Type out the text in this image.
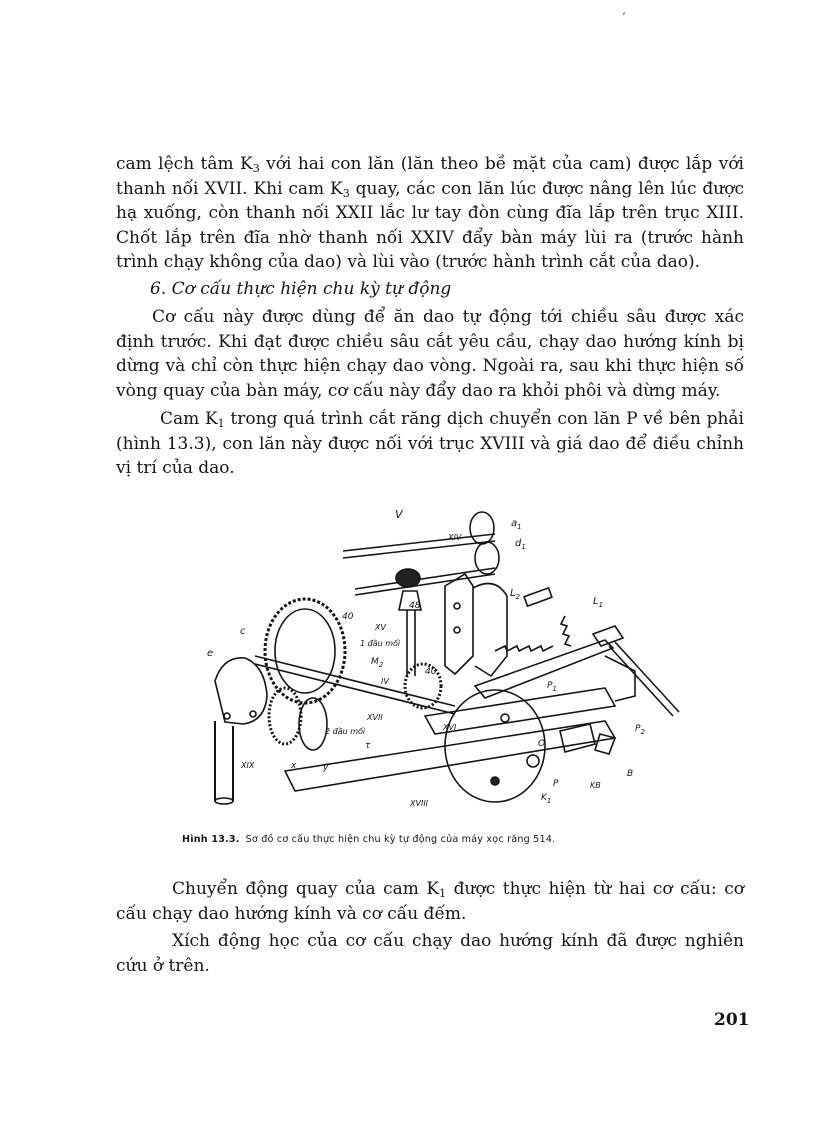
ʼ

cam lệch tâm $K_3$ với hai con lăn (lăn theo bề mặt của cam) được lắp với thanh nối XVII. Khi cam $K_3$ quay, các con lăn lúc được nâng lên lúc được hạ xuống, còn thanh nối XXII lắc lư tay đòn cùng đĩa lắp trên trục XIII. Chốt lắp trên đĩa nhờ thanh nối XXIV đẩy bàn máy lùi ra (trước hành trình chạy không của dao) và lùi vào (trước hành trình cắt của dao).

6. Cơ cấu thực hiện chu kỳ tự động

Cơ cấu này được dùng để ăn dao tự động tới chiều sâu được xác định trước. Khi đạt được chiều sâu cắt yêu cầu, chạy dao hướng kính bị dừng và chỉ còn thực hiện chạy dao vòng. Ngoài ra, sau khi thực hiện số vòng quay của bàn máy, cơ cấu này đẩy dao ra khỏi phôi và dừng máy.

Cam $K_1$ trong quá trình cắt răng dịch chuyển con lăn P về bên phải (hình 13.3), con lăn này được nối với trục XVIII và giá dao để điều chỉnh vị trí của dao.

V
XIV
$a_1$
$d_1$
40
48
XV
1 đầu mối
$M_2$
40
$L_2$	$L_1$
c
e
IV
XVII
XVI
2 đầu mối
τ
$P_1$
$P_2$
O
XIX	x	y
XVIII
P
$K_1$
KB
B
Hình 13.3. Sơ đồ cơ cấu thực hiện chu kỳ tự động của máy xọc răng 514.

Chuyển động quay của cam $K_1$ được thực hiện từ hai cơ cấu: cơ cấu chạy dao hướng kính và cơ cấu đếm.

Xích động học của cơ cấu chạy dao hướng kính đã được nghiên cứu ở trên.

201
